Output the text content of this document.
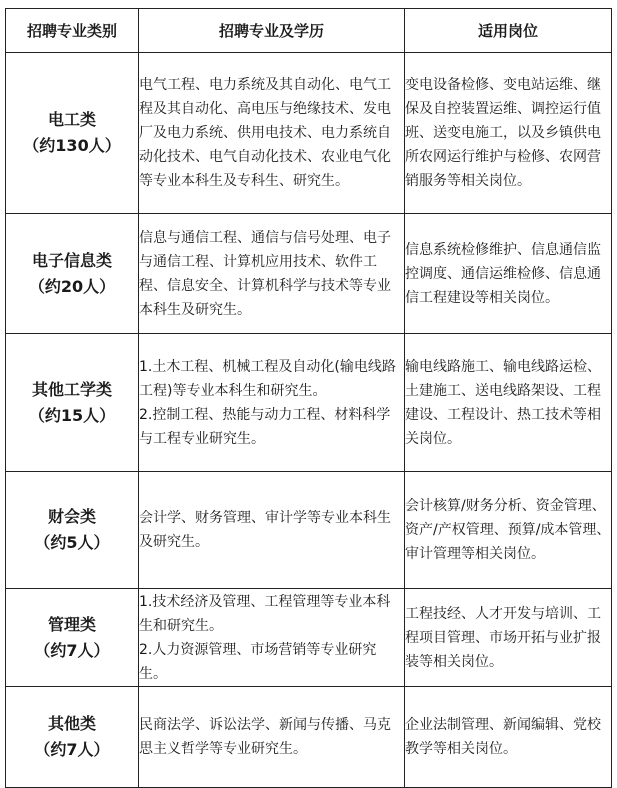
招聘专业类别	招聘专业及学历	适用岗位

电工类
（约130人）	电气工程、电力系统及其自动化、电气工程及其自动化、高电压与绝缘技术、发电厂及电力系统、供用电技术、电力系统自动化技术、电气自动化技术、农业电气化等专业本科生及专科生、研究生。	变电设备检修、变电站运维、继保及自控装置运维、调控运行值班、送变电施工，以及乡镇供电所农网运行维护与检修、农网营销服务等相关岗位。

电子信息类
（约20人）	信息与通信工程、通信与信号处理、电子与通信工程、计算机应用技术、软件工程、信息安全、计算机科学与技术等专业本科生及研究生。	信息系统检修维护、信息通信监控调度、通信运维检修、信息通信工程建设等相关岗位。

其他工学类
（约15人）	1.土木工程、机械工程及自动化(输电线路工程)等专业本科生和研究生。
2.控制工程、热能与动力工程、材料科学与工程专业研究生。	输电线路施工、输电线路运检、土建施工、送电线路架设、工程建设、工程设计、热工技术等相关岗位。

财会类
（约5人）	会计学、财务管理、审计学等专业本科生及研究生。	会计核算/财务分析、资金管理、资产/产权管理、预算/成本管理、审计管理等相关岗位。

管理类
（约7人）	1.技术经济及管理、工程管理等专业本科生和研究生。
2.人力资源管理、市场营销等专业研究生。	工程技经、人才开发与培训、工程项目管理、市场开拓与业扩报装等相关岗位。

其他类
（约7人）	民商法学、诉讼法学、新闻与传播、马克思主义哲学等专业研究生。	企业法制管理、新闻编辑、党校教学等相关岗位。
